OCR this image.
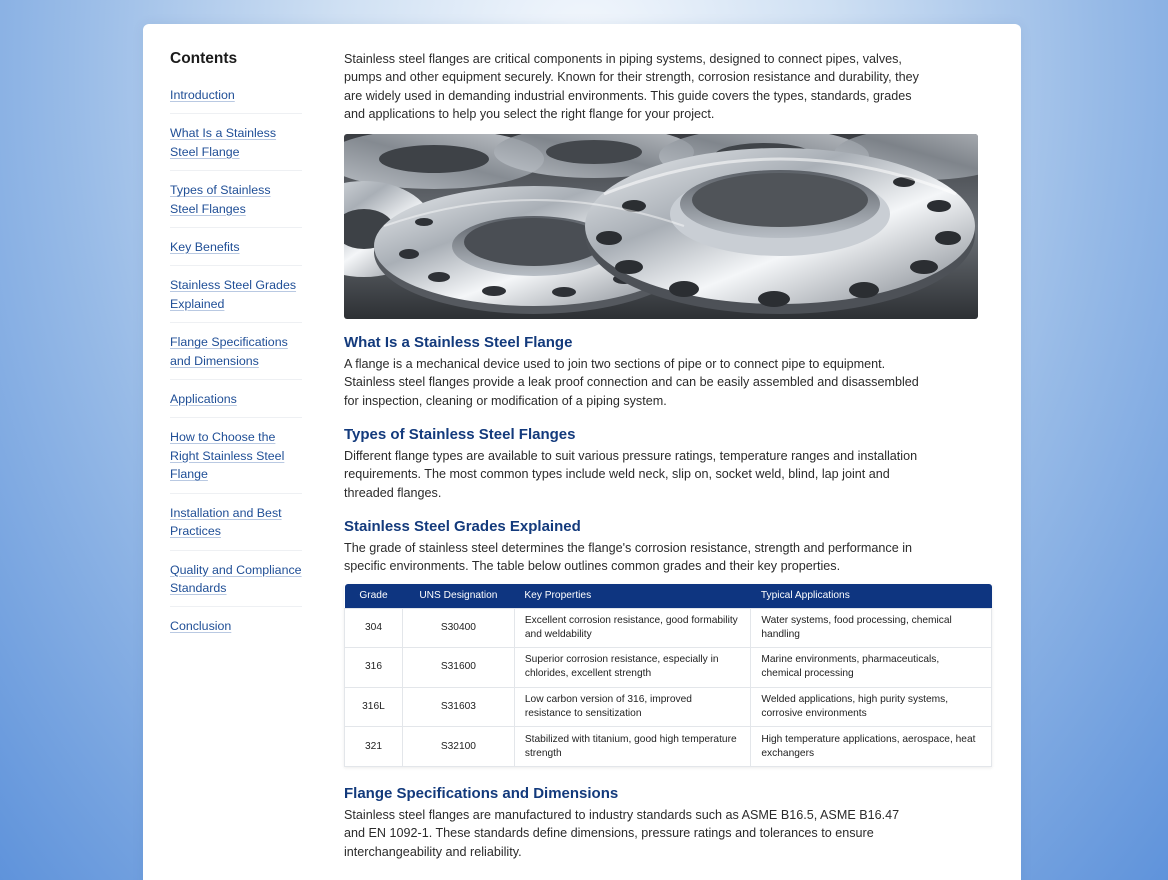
Contents
Introduction
What Is a Stainless Steel Flange
Types of Stainless Steel Flanges
Key Benefits
Stainless Steel Grades Explained
Flange Specifications and Dimensions
Applications
How to Choose the Right Stainless Steel Flange
Installation and Best Practices
Quality and Compliance Standards
Conclusion

Stainless steel flanges are critical components in piping systems, designed to connect pipes, valves, pumps and other equipment securely. Known for their strength, corrosion resistance and durability, they are widely used in demanding industrial environments. This guide covers the types, standards, grades and applications to help you select the right flange for your project.

What Is a Stainless Steel Flange

A flange is a mechanical device used to join two sections of pipe or to connect pipe to equipment. Stainless steel flanges provide a leak proof connection and can be easily assembled and disassembled for inspection, cleaning or modification of a piping system.

Types of Stainless Steel Flanges

Different flange types are available to suit various pressure ratings, temperature ranges and installation requirements. The most common types include weld neck, slip on, socket weld, blind, lap joint and threaded flanges.

Stainless Steel Grades Explained

The grade of stainless steel determines the flange's corrosion resistance, strength and performance in specific environments. The table below outlines common grades and their key properties.

Grade	UNS Designation	Key Properties	Typical Applications
304	S30400	Excellent corrosion resistance, good formability and weldability	Water systems, food processing, chemical handling
316	S31600	Superior corrosion resistance, especially in chlorides, excellent strength	Marine environments, pharmaceuticals, chemical processing
316L	S31603	Low carbon version of 316, improved resistance to sensitization	Welded applications, high purity systems, corrosive environments
321	S32100	Stabilized with titanium, good high temperature strength	High temperature applications, aerospace, heat exchangers
Flange Specifications and Dimensions

Stainless steel flanges are manufactured to industry standards such as ASME B16.5, ASME B16.47 and EN 1092-1. These standards define dimensions, pressure ratings and tolerances to ensure interchangeability and reliability.
